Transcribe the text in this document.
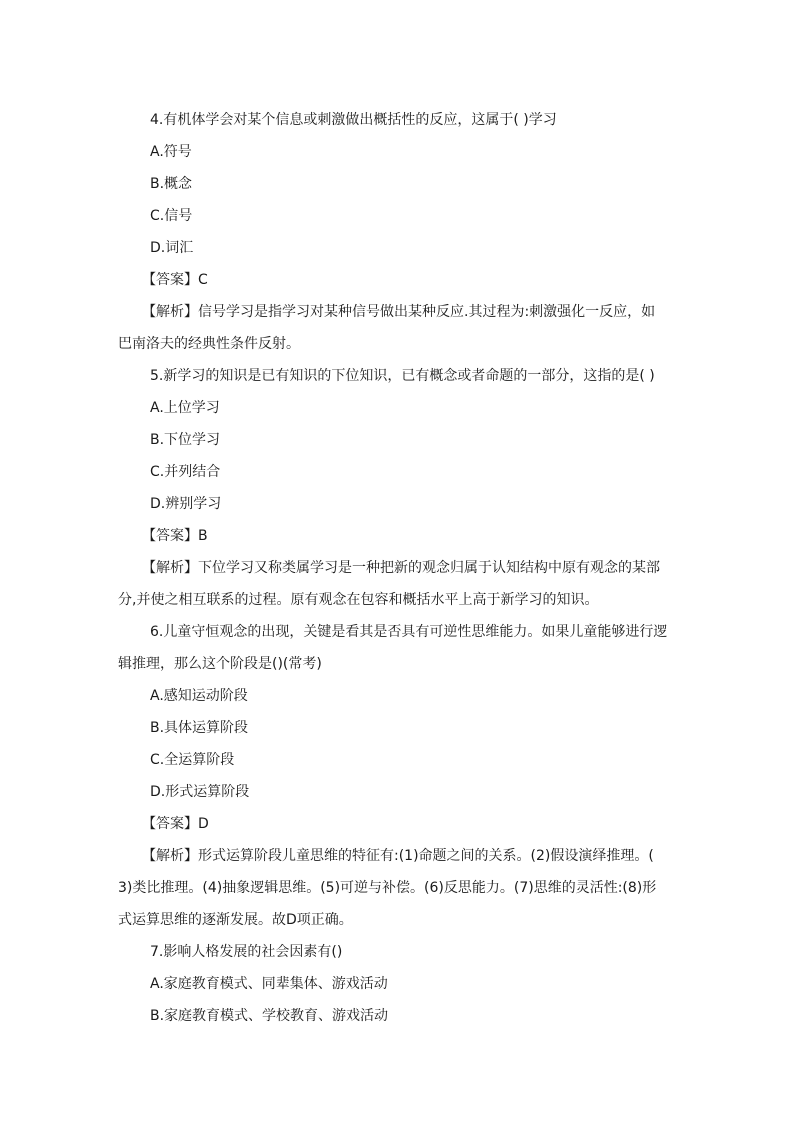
4.有机体学会对某个信息或刺激做出概括性的反应，这属于( )学习
A.符号
B.概念
C.信号
D.词汇
【答案】C
【解析】信号学习是指学习对某种信号做出某种反应.其过程为:刺激强化一反应，如
巴南洛夫的经典性条件反射。
5.新学习的知识是已有知识的下位知识，已有概念或者命题的一部分，这指的是( )
A.上位学习
B.下位学习
C.并列结合
D.辨别学习
【答案】B
【解析】下位学习又称类属学习是一种把新的观念归属于认知结构中原有观念的某部
分,并使之相互联系的过程。原有观念在包容和概括水平上高于新学习的知识。
6.儿童守恒观念的出现，关键是看其是否具有可逆性思维能力。如果儿童能够进行逻
辑推理，那么这个阶段是()(常考)
A.感知运动阶段
B.具体运算阶段
C.全运算阶段
D.形式运算阶段
【答案】D
【解析】形式运算阶段儿童思维的特征有:(1)命题之间的关系。(2)假设演绎推理。(
3)类比推理。(4)抽象逻辑思维。(5)可逆与补偿。(6)反思能力。(7)思维的灵活性:(8)形
式运算思维的逐渐发展。故D项正确。
7.影响人格发展的社会因素有()
A.家庭教育模式、同辈集体、游戏活动
B.家庭教育模式、学校教育、游戏活动
